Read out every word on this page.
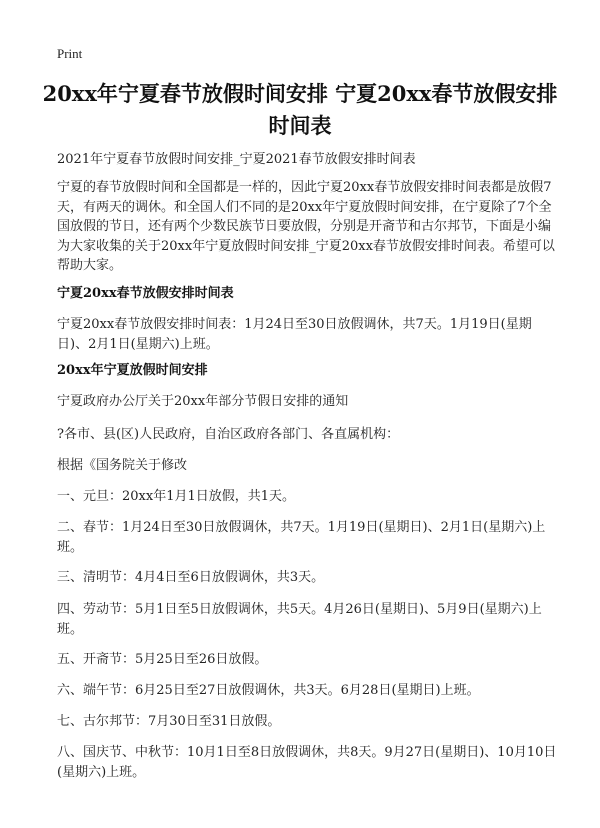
Print
20xx年宁夏春节放假时间安排 宁夏20xx春节放假安排时间表
2021年宁夏春节放假时间安排_宁夏2021春节放假安排时间表
宁夏的春节放假时间和全国都是一样的，因此宁夏20xx春节放假安排时间表都是放假7天，有两天的调休。和全国人们不同的是20xx年宁夏放假时间安排，在宁夏除了7个全国放假的节日，还有两个少数民族节日要放假，分别是开斋节和古尔邦节，下面是小编为大家收集的关于20xx年宁夏放假时间安排_宁夏20xx春节放假安排时间表。希望可以帮助大家。
宁夏20xx春节放假安排时间表
宁夏20xx春节放假安排时间表：1月24日至30日放假调休，共7天。1月19日(星期日)、2月1日(星期六)上班。
20xx年宁夏放假时间安排
宁夏政府办公厅关于20xx年部分节假日安排的通知
?各市、县(区)人民政府，自治区政府各部门、各直属机构：
根据《国务院关于修改
一、元旦：20xx年1月1日放假，共1天。
二、春节：1月24日至30日放假调休，共7天。1月19日(星期日)、2月1日(星期六)上班。
三、清明节：4月4日至6日放假调休，共3天。
四、劳动节：5月1日至5日放假调休，共5天。4月26日(星期日)、5月9日(星期六)上班。
五、开斋节：5月25日至26日放假。
六、端午节：6月25日至27日放假调休，共3天。6月28日(星期日)上班。
七、古尔邦节：7月30日至31日放假。
八、国庆节、中秋节：10月1日至8日放假调休，共8天。9月27日(星期日)、10月10日(星期六)上班。
